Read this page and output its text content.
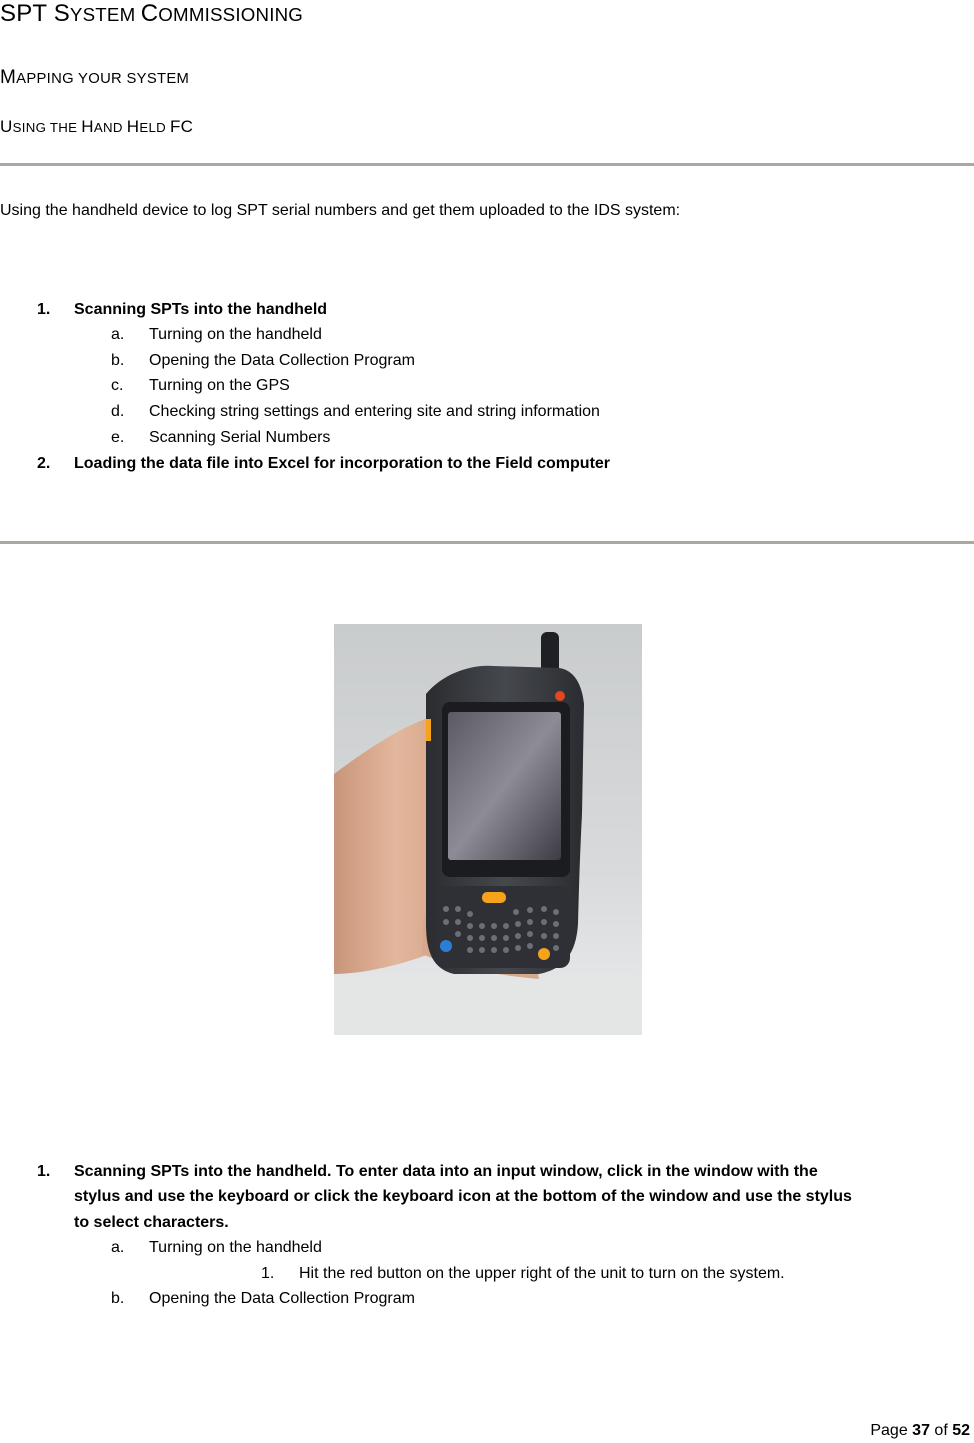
SPT SYSTEM COMMISSIONING
MAPPING YOUR SYSTEM
USING THE HAND HELD FC
Using the handheld device to log SPT serial numbers and get them uploaded to the IDS system:
1. Scanning SPTs into the handheld
a. Turning on the handheld
b. Opening the Data Collection Program
c. Turning on the GPS
d. Checking string settings and entering site and string information
e. Scanning Serial Numbers
2. Loading the data file into Excel for incorporation to the Field computer
1. Scanning SPTs into the handheld. To enter data into an input window, click in the window with the
stylus and use the keyboard or click the keyboard icon at the bottom of the window and use the stylus
to select characters.
a. Turning on the handheld
1. Hit the red button on the upper right of the unit to turn on the system.
b. Opening the Data Collection Program
Page 37 of 52
